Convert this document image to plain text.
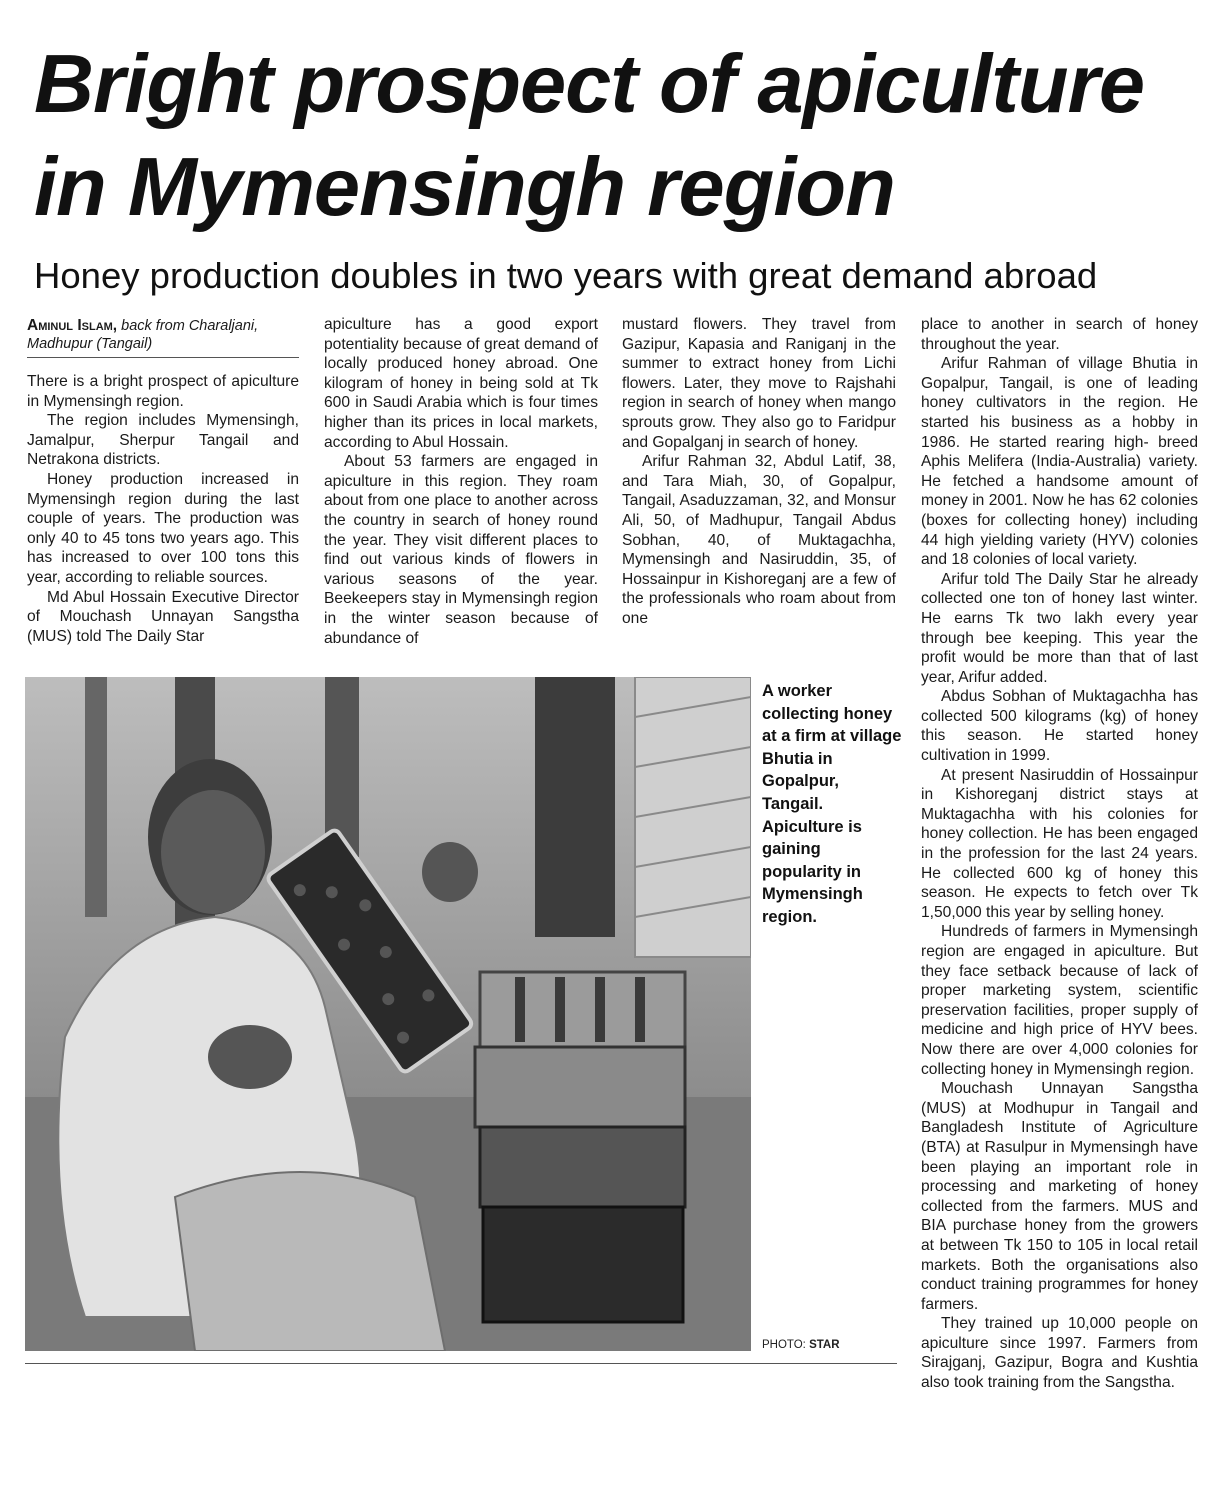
Bright prospect of apiculture
in Mymensingh region
Honey production doubles in two years with great demand abroad
Aminul Islam, back from Charaljani, Madhupur (Tangail)

There is a bright prospect of apiculture in Mymensingh region.

The region includes Mymensingh, Jamalpur, Sherpur Tangail and Netrakona districts.

Honey production increased in Mymensingh region during the last couple of years. The production was only 40 to 45 tons two years ago. This has increased to over 100 tons this year, according to reliable sources.

Md Abul Hossain Executive Director of Mouchash Unnayan Sangstha (MUS) told The Daily Star

apiculture has a good export potentiality because of great demand of locally produced honey abroad. One kilogram of honey in being sold at Tk 600 in Saudi Arabia which is four times higher than its prices in local markets, according to Abul Hossain.

About 53 farmers are engaged in apiculture in this region. They roam about from one place to another across the country in search of honey round the year. They visit different places to find out various kinds of flowers in various seasons of the year. Beekeepers stay in Mymensingh region in the winter season because of abundance of

mustard flowers. They travel from Gazipur, Kapasia and Raniganj in the summer to extract honey from Lichi flowers. Later, they move to Rajshahi region in search of honey when mango sprouts grow. They also go to Faridpur and Gopalganj in search of honey.

Arifur Rahman 32, Abdul Latif, 38, and Tara Miah, 30, of Gopalpur, Tangail, Asaduzzaman, 32, and Monsur Ali, 50, of Madhupur, Tangail Abdus Sobhan, 40, of Muktagachha, Mymensingh and Nasiruddin, 35, of Hossainpur in Kishoreganj are a few of the professionals who roam about from one

place to another in search of honey throughout the year.

Arifur Rahman of village Bhutia in Gopalpur, Tangail, is one of leading honey cultivators in the region. He started his business as a hobby in 1986. He started rearing high- breed Aphis Melifera (India-Australia) variety. He fetched a handsome amount of money in 2001. Now he has 62 colonies (boxes for collecting honey) including 44 high yielding variety (HYV) colonies and 18 colonies of local variety.

Arifur told The Daily Star he already collected one ton of honey last winter. He earns Tk two lakh every year through bee keeping. This year the profit would be more than that of last year, Arifur added.

Abdus Sobhan of Muktagachha has collected 500 kilograms (kg) of honey this season. He started honey cultivation in 1999.

At present Nasiruddin of Hossainpur in Kishoreganj district stays at Muktagachha with his colonies for honey collection. He has been engaged in the profession for the last 24 years. He collected 600 kg of honey this season. He expects to fetch over Tk 1,50,000 this year by selling honey.

Hundreds of farmers in Mymensingh region are engaged in apiculture. But they face setback because of lack of proper marketing system, scientific preservation facilities, proper supply of medicine and high price of HYV bees. Now there are over 4,000 colonies for collecting honey in Mymensingh region.

Mouchash Unnayan Sangstha (MUS) at Modhupur in Tangail and Bangladesh Institute of Agriculture (BTA) at Rasulpur in Mymensingh have been playing an important role in processing and marketing of honey collected from the farmers. MUS and BIA purchase honey from the growers at between Tk 150 to 105 in local retail markets. Both the organisations also conduct training programmes for honey farmers.

They trained up 10,000 people on apiculture since 1997. Farmers from Sirajganj, Gazipur, Bogra and Kushtia also took training from the Sangstha.

A worker collecting honey at a firm at village Bhutia in Gopalpur, Tangail. Apiculture is gaining popularity in Mymensingh region.
PHOTO: STAR
